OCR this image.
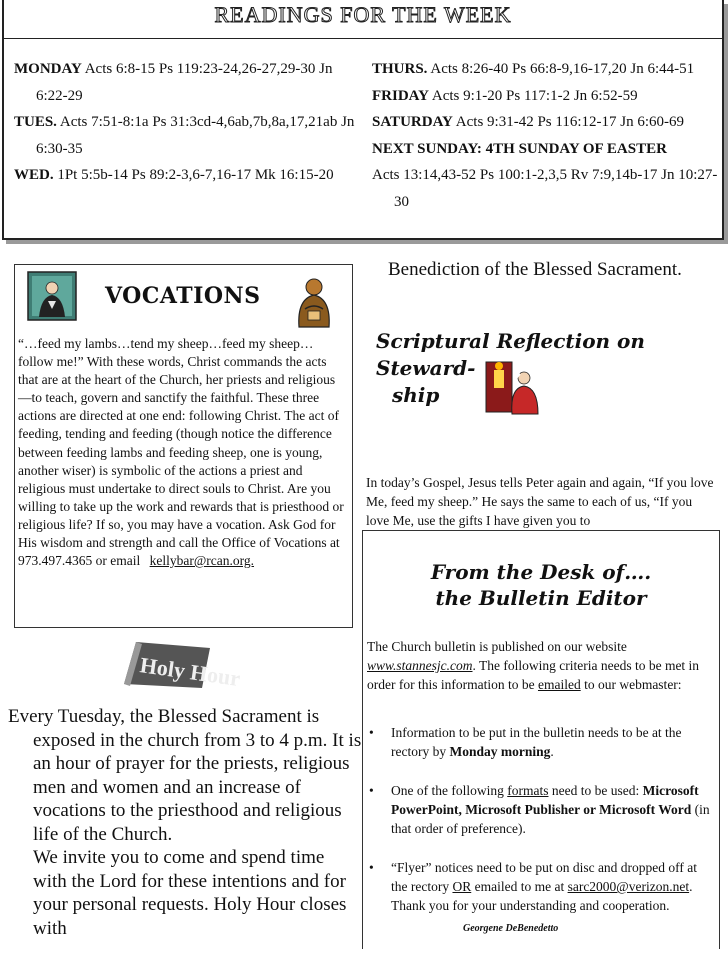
READINGS FOR THE WEEK

MONDAY Acts 6:8-15 Ps 119:23-24,26-27,29-30 Jn 6:22-29

TUES. Acts 7:51-8:1a Ps 31:3cd-4,6ab,7b,8a,17,21ab Jn 6:30-35

WED. 1Pt 5:5b-14 Ps 89:2-3,6-7,16-17 Mk 16:15-20

THURS. Acts 8:26-40 Ps 66:8-9,16-17,20 Jn 6:44-51

FRIDAY Acts 9:1-20 Ps 117:1-2 Jn 6:52-59

SATURDAY Acts 9:31-42 Ps 116:12-17 Jn 6:60-69

NEXT SUNDAY: 4TH SUNDAY OF EASTER

Acts 13:14,43-52 Ps 100:1-2,3,5 Rv 7:9,14b-17 Jn 10:27-30

VOCATIONS
“…feed my lambs…tend my sheep…feed my sheep…follow me!” With these words, Christ commands the acts that are at the heart of the Church, her priests and religious—to teach, govern and sanctify the faithful. These three actions are directed at one end: following Christ. The act of feeding, tending and feeding (though notice the difference between feeding lambs and feeding sheep, one is young, another wiser) is symbolic of the actions a priest and religious must undertake to direct souls to Christ. Are you willing to take up the work and rewards that is priesthood or religious life? If so, you may have a vocation. Ask God for His wisdom and strength and call the Office of Vocations at 973.497.4365 or email kellybar@rcan.org.
Holy Hour

Every Tuesday, the Blessed Sacrament is exposed in the church from 3 to 4 p.m. It is an hour of prayer for the priests, religious men and women and an increase of vocations to the priesthood and religious life of the Church.

We invite you to come and spend time with the Lord for these intentions and for your personal requests. Holy Hour closes with

Benediction of the Blessed Sacrament.
Scriptural Reflection on Steward-
ship
In today’s Gospel, Jesus tells Peter again and again, “If you love Me, feed my sheep.” He says the same to each of us, “If you love Me, use the gifts I have given you to
From the Desk of….
the Bulletin Editor
The Church bulletin is published on our website www.stannesjc.com. The following criteria needs to be met in order for this information to be emailed to our webmaster:
• Information to be put in the bulletin needs to be at the rectory by Monday morning.
• One of the following formats need to be used: Microsoft PowerPoint, Microsoft Publisher or Microsoft Word (in that order of preference).
• “Flyer” notices need to be put on disc and dropped off at the rectory OR emailed to me at sarc2000@verizon.net.
Thank you for your understanding and cooperation.
Georgene DeBenedetto
